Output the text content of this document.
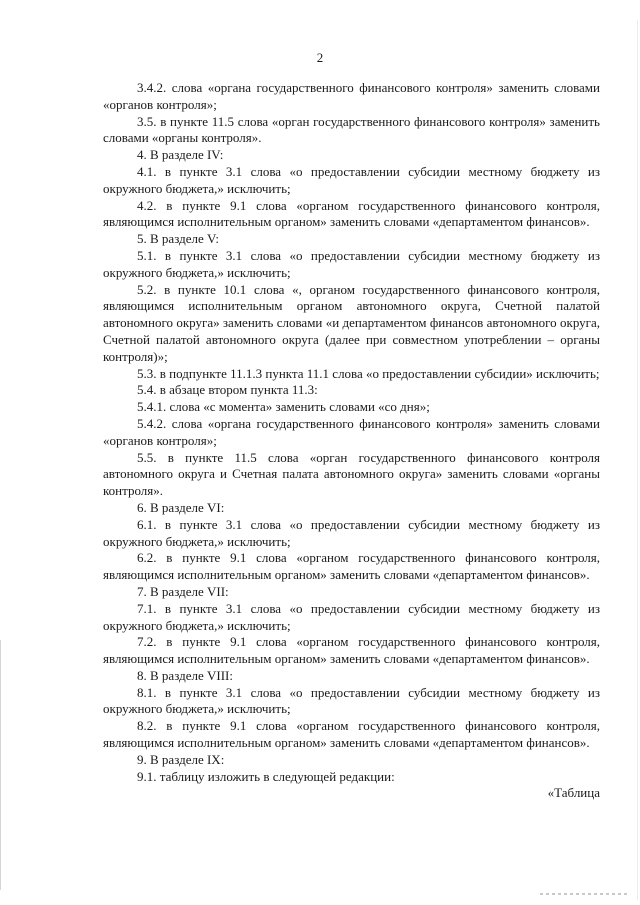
2

3.4.2. слова «органа государственного финансового контроля» заменить словами «органов контроля»;

3.5. в пункте 11.5 слова «орган государственного финансового контроля» заменить словами «органы контроля».

4. В разделе IV:

4.1. в пункте 3.1 слова «о предоставлении субсидии местному бюджету из окружного бюджета,» исключить;

4.2. в пункте 9.1 слова «органом государственного финансового контроля, являющимся исполнительным органом» заменить словами «департаментом финансов».

5. В разделе V:

5.1. в пункте 3.1 слова «о предоставлении субсидии местному бюджету из окружного бюджета,» исключить;

5.2. в пункте 10.1 слова «, органом государственного финансового контроля, являющимся исполнительным органом автономного округа, Счетной палатой автономного округа» заменить словами «и департаментом финансов автономного округа, Счетной палатой автономного округа (далее при совместном употреблении – органы контроля)»;

5.3. в подпункте 11.1.3 пункта 11.1 слова «о предоставлении субсидии» исключить;

5.4. в абзаце втором пункта 11.3:

5.4.1. слова «с момента» заменить словами «со дня»;

5.4.2. слова «органа государственного финансового контроля» заменить словами «органов контроля»;

5.5. в пункте 11.5 слова «орган государственного финансового контроля автономного округа и Счетная палата автономного округа» заменить словами «органы контроля».

6. В разделе VI:

6.1. в пункте 3.1 слова «о предоставлении субсидии местному бюджету из окружного бюджета,» исключить;

6.2. в пункте 9.1 слова «органом государственного финансового контроля, являющимся исполнительным органом» заменить словами «департаментом финансов».

7. В разделе VII:

7.1. в пункте 3.1 слова «о предоставлении субсидии местному бюджету из окружного бюджета,» исключить;

7.2. в пункте 9.1 слова «органом государственного финансового контроля, являющимся исполнительным органом» заменить словами «департаментом финансов».

8. В разделе VIII:

8.1. в пункте 3.1 слова «о предоставлении субсидии местному бюджету из окружного бюджета,» исключить;

8.2. в пункте 9.1 слова «органом государственного финансового контроля, являющимся исполнительным органом» заменить словами «департаментом финансов».

9. В разделе IX:

9.1. таблицу изложить в следующей редакции:

«Таблица
